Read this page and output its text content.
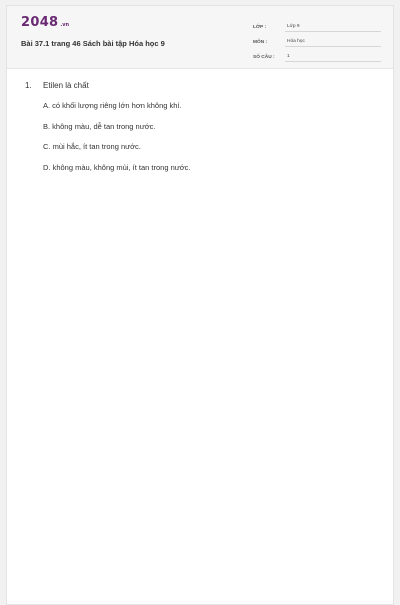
2048 .vn
Bài 37.1 trang 46 Sách bài tập Hóa học 9
LỚP :	Lớp 9
MÔN :	Hóa học
SỐ CÂU :	1
1. Etilen là chất
A. có khối lượng riêng lớn hơn không khí.
B. không màu, dễ tan trong nước.
C. mùi hắc, ít tan trong nước.
D. không màu, không mùi, ít tan trong nước.
